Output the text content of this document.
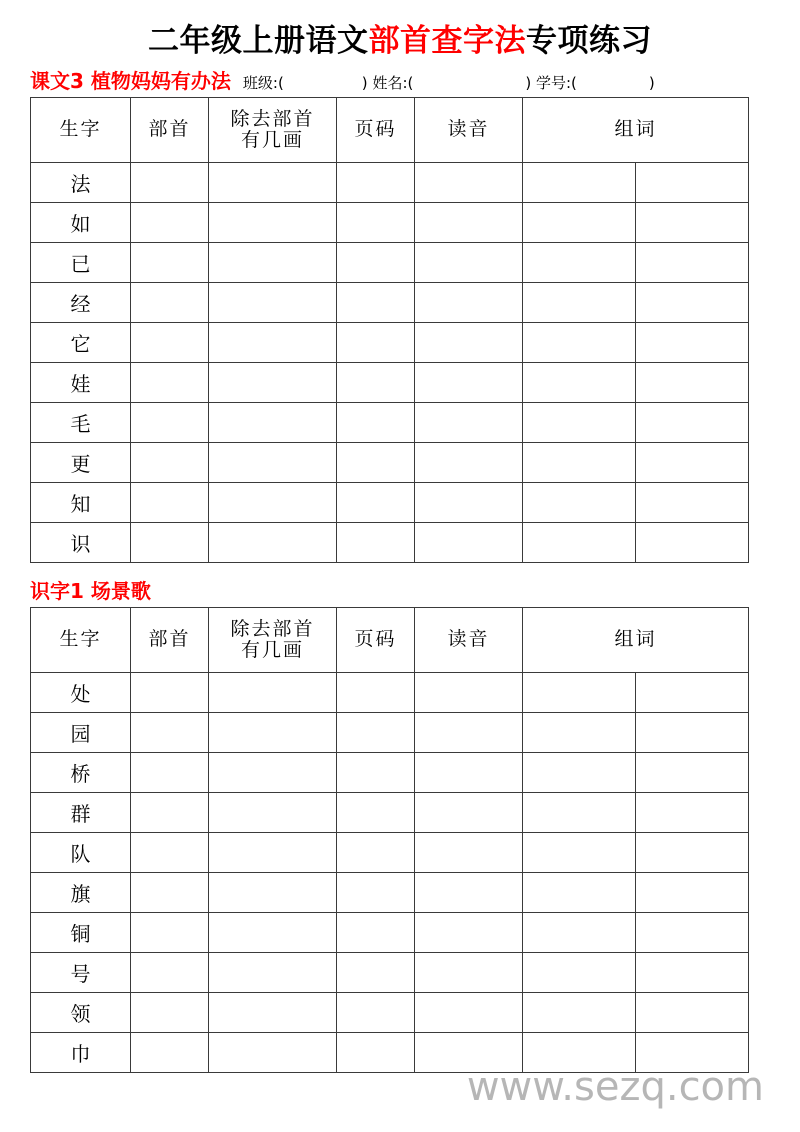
二年级上册语文部首查字法专项练习
课文3 植物妈妈有办法 班级:(	) 姓名:(	) 学号:(	)
生字	部首	除去部首
有几画	页码	读音	组词	
法						
如						
已						
经						
它						
娃						
毛						
更						
知						
识						
识字1 场景歌
生字	部首	除去部首
有几画	页码	读音	组词	
处						
园						
桥						
群						
队						
旗						
铜						
号						
领						
巾						
www.sezq.com
